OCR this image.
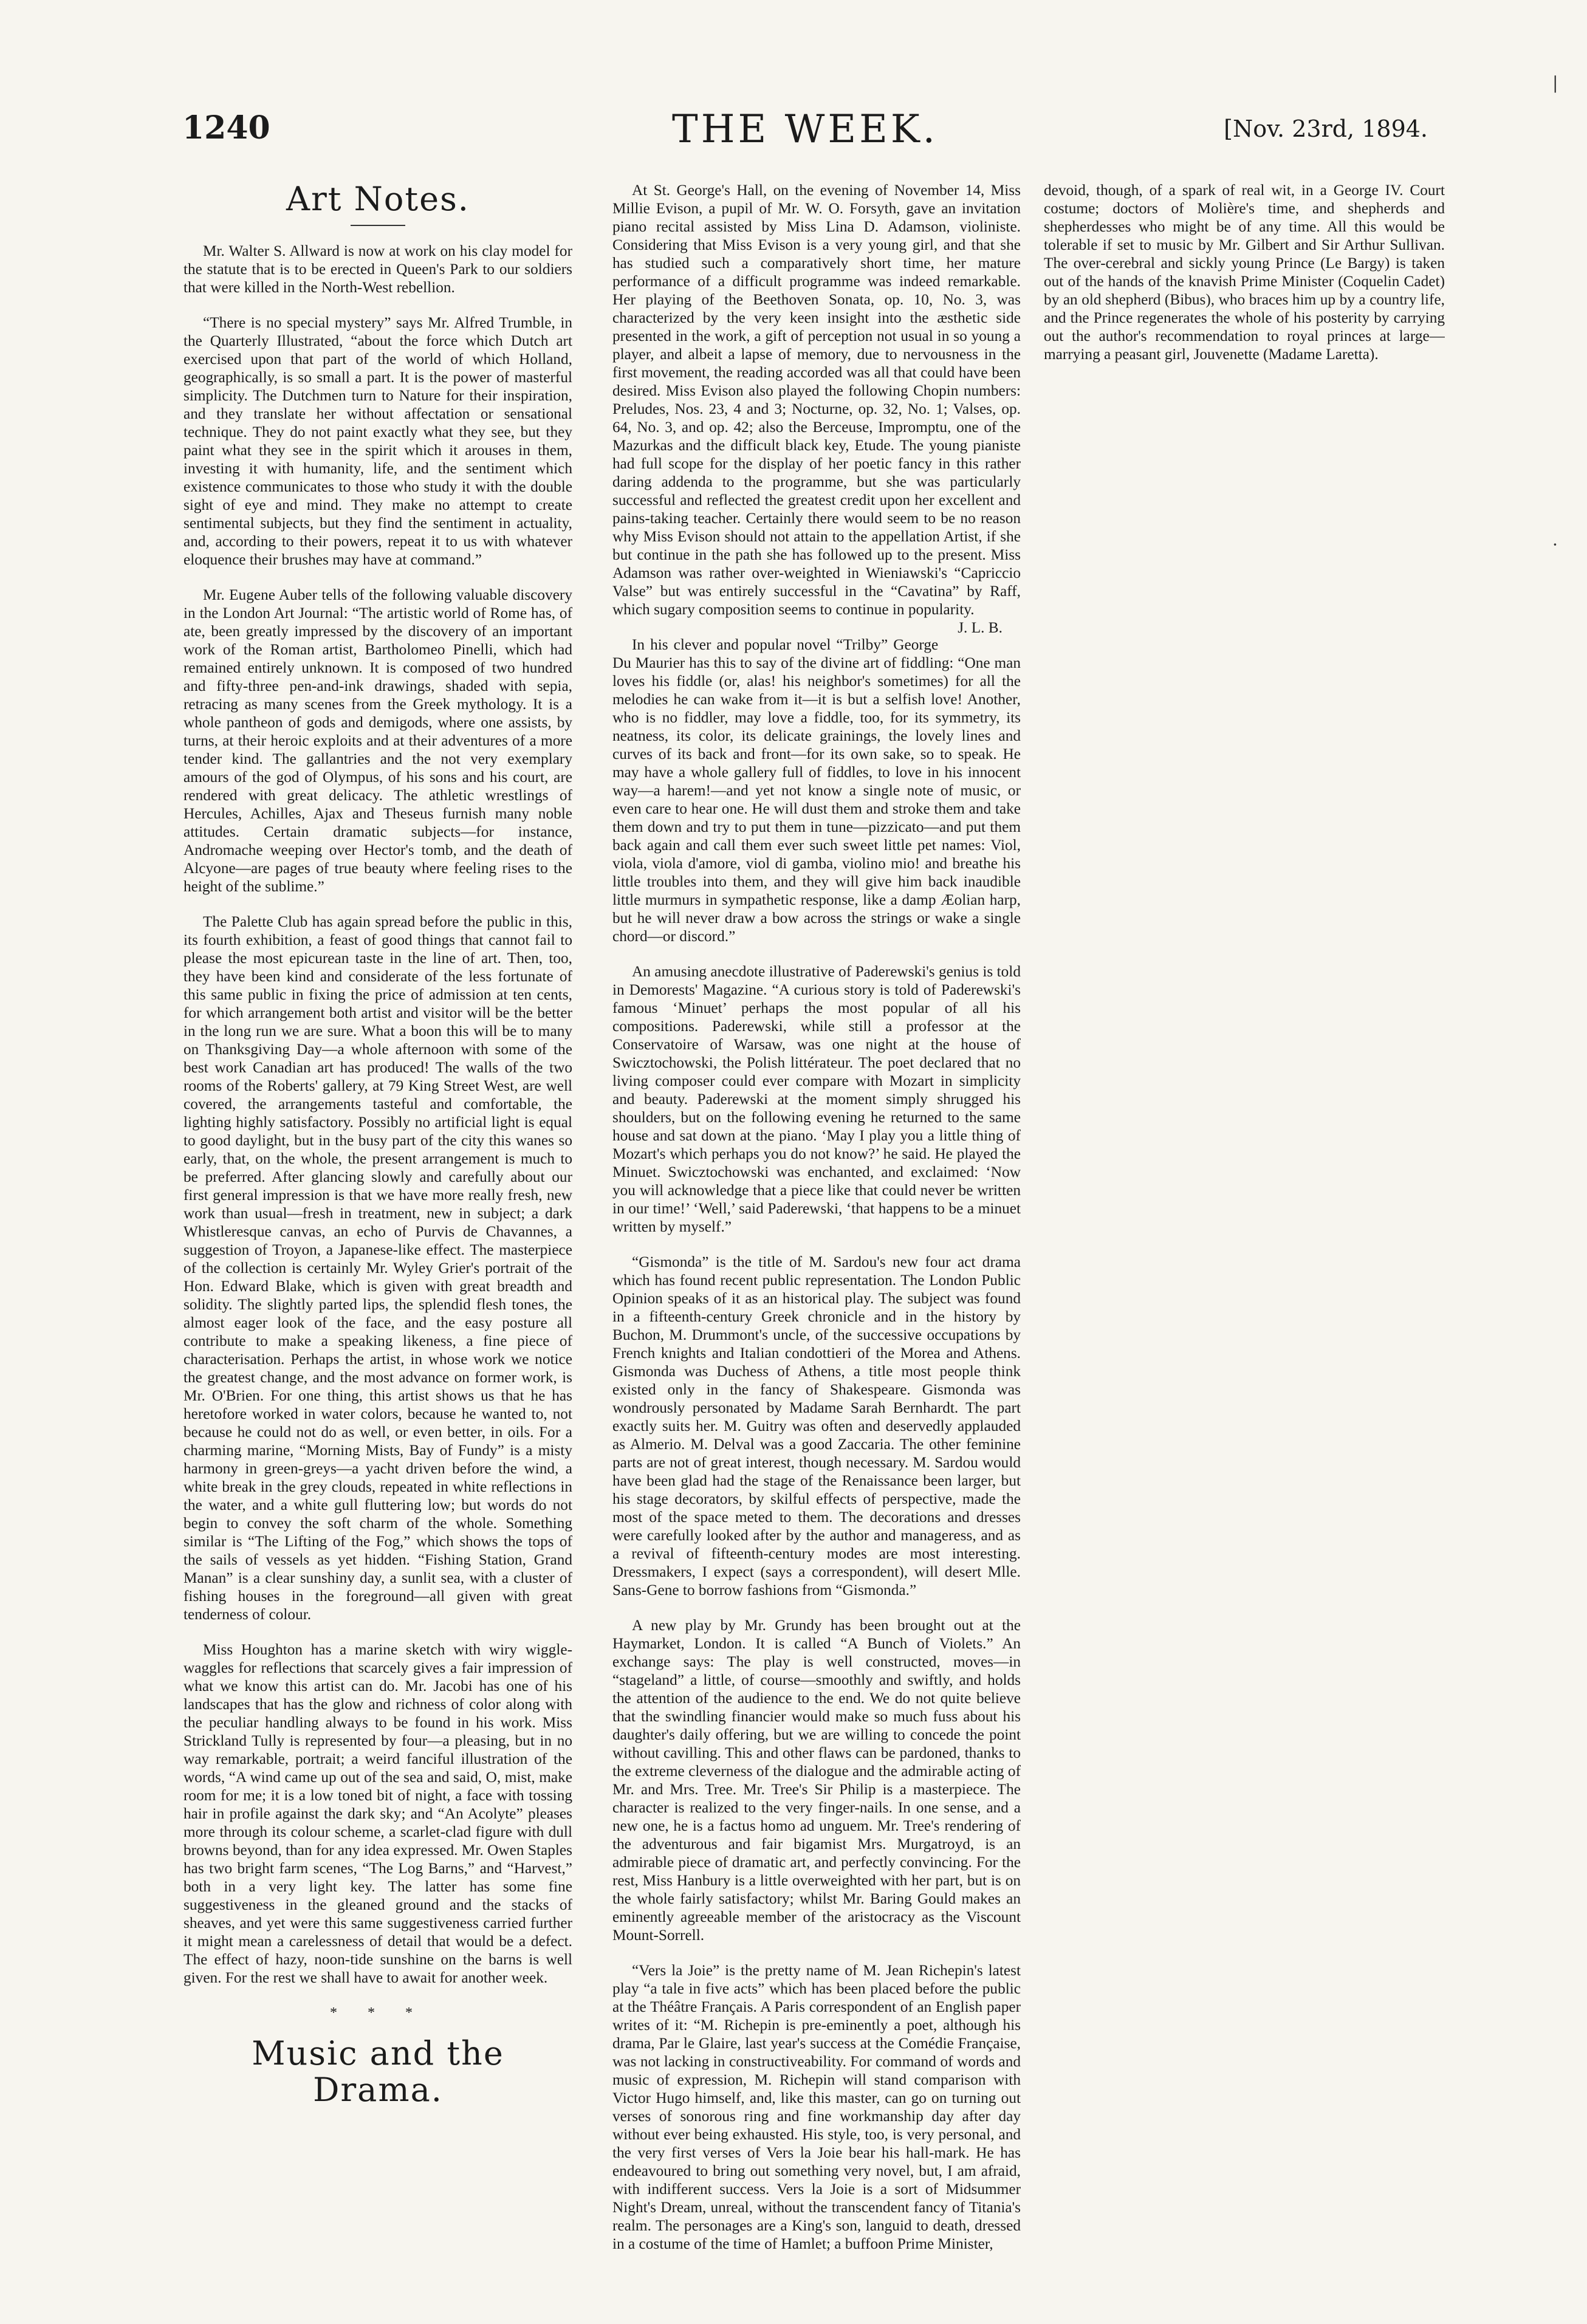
THE WEEK.
1240	[Nov. 23rd, 1894.
|
·
Art Notes.

Mr. Walter S. Allward is now at work on his clay model for the statute that is to be erected in Queen's Park to our soldiers that were killed in the North-West rebellion.

“There is no special mystery” says Mr. Alfred Trumble, in the Quarterly Illustrated, “about the force which Dutch art exercised upon that part of the world of which Holland, geographically, is so small a part. It is the power of masterful simplicity. The Dutchmen turn to Nature for their inspiration, and they translate her without affectation or sensational technique. They do not paint exactly what they see, but they paint what they see in the spirit which it arouses in them, investing it with humanity, life, and the sentiment which existence communicates to those who study it with the double sight of eye and mind. They make no attempt to create sentimental subjects, but they find the sentiment in actuality, and, according to their powers, repeat it to us with whatever eloquence their brushes may have at command.”

Mr. Eugene Auber tells of the following valuable discovery in the London Art Journal: “The artistic world of Rome has, of ate, been greatly impressed by the discovery of an important work of the Roman artist, Bartholomeo Pinelli, which had remained entirely unknown. It is composed of two hundred and fifty-three pen-and-ink drawings, shaded with sepia, retracing as many scenes from the Greek mythology. It is a whole pantheon of gods and demigods, where one assists, by turns, at their heroic exploits and at their adventures of a more tender kind. The gallantries and the not very exemplary amours of the god of Olympus, of his sons and his court, are rendered with great delicacy. The athletic wrestlings of Hercules, Achilles, Ajax and Theseus furnish many noble attitudes. Certain dramatic subjects—for instance, Andromache weeping over Hector's tomb, and the death of Alcyone—are pages of true beauty where feeling rises to the height of the sublime.”

The Palette Club has again spread before the public in this, its fourth exhibition, a feast of good things that cannot fail to please the most epicurean taste in the line of art. Then, too, they have been kind and considerate of the less fortunate of this same public in fixing the price of admission at ten cents, for which arrangement both artist and visitor will be the better in the long run we are sure. What a boon this will be to many on Thanksgiving Day—a whole afternoon with some of the best work Canadian art has produced! The walls of the two rooms of the Roberts' gallery, at 79 King Street West, are well covered, the arrangements tasteful and comfortable, the lighting highly satisfactory. Possibly no artificial light is equal to good daylight, but in the busy part of the city this wanes so early, that, on the whole, the present arrangement is much to be preferred. After glancing slowly and carefully about our first general impression is that we have more really fresh, new work than usual—fresh in treatment, new in subject; a dark Whistleresque canvas, an echo of Purvis de Chavannes, a suggestion of Troyon, a Japanese-like effect. The masterpiece of the collection is certainly Mr. Wyley Grier's portrait of the Hon. Edward Blake, which is given with great breadth and solidity. The slightly parted lips, the splendid flesh tones, the almost eager look of the face, and the easy posture all contribute to make a speaking likeness, a fine piece of characterisation. Perhaps the artist, in whose work we notice the greatest change, and the most advance on former work, is Mr. O'Brien. For one thing, this artist shows us that he has heretofore worked in water colors, because he wanted to, not because he could not do as well, or even better, in oils. For a charming marine, “Morning Mists, Bay of Fundy” is a misty harmony in green-greys—a yacht driven before the wind, a white break in the grey clouds, repeated in white reflections in the water, and a white gull fluttering low; but words do not begin to convey the soft charm of the whole. Something similar is “The Lifting of the Fog,” which shows the tops of the sails of vessels as yet hidden. “Fishing Station, Grand Manan” is a clear sunshiny day, a sunlit sea, with a cluster of fishing houses in the foreground—all given with great tenderness of colour.

Miss Houghton has a marine sketch with wiry wiggle-waggles for reflections that scarcely gives a fair impression of what we know this artist can do. Mr. Jacobi has one of his landscapes that has the glow and richness of color along with the peculiar handling always to be found in his work. Miss Strickland Tully is represented by four—a pleasing, but in no way remarkable, portrait; a weird fanciful illustration of the words, “A wind came up out of the sea and said, O, mist, make room for me; it is a low toned bit of night, a face with tossing hair in profile against the dark sky; and “An Acolyte” pleases more through its colour scheme, a scarlet-clad figure with dull browns beyond, than for any idea expressed. Mr. Owen Staples has two bright farm scenes, “The Log Barns,” and “Harvest,” both in a very light key. The latter has some fine suggestiveness in the gleaned ground and the stacks of sheaves, and yet were this same suggestiveness carried further it might mean a carelessness of detail that would be a defect. The effect of hazy, noon-tide sunshine on the barns is well given. For the rest we shall have to await for another week.

* * *
Music and the Drama.

At St. George's Hall, on the evening of November 14, Miss Millie Evison, a pupil of Mr. W. O. Forsyth, gave an invitation piano recital assisted by Miss Lina D. Adamson, violiniste. Considering that Miss Evison is a very young girl, and that she has studied such a comparatively short time, her mature performance of a difficult programme was indeed remarkable. Her playing of the Beethoven Sonata, op. 10, No. 3, was characterized by the very keen insight into the æsthetic side presented in the work, a gift of perception not usual in so young a player, and albeit a lapse of memory, due to nervousness in the first movement, the reading accorded was all that could have been desired. Miss Evison also played the following Chopin numbers: Preludes, Nos. 23, 4 and 3; Nocturne, op. 32, No. 1; Valses, op. 64, No. 3, and op. 42; also the Berceuse, Impromptu, one of the Mazurkas and the difficult black key, Etude. The young pianiste had full scope for the display of her poetic fancy in this rather daring addenda to the programme, but she was particularly successful and reflected the greatest credit upon her excellent and pains-taking teacher. Certainly there would seem to be no reason why Miss Evison should not attain to the appellation Artist, if she but continue in the path she has followed up to the present. Miss Adamson was rather over-weighted in Wieniawski's “Capriccio Valse” but was entirely successful in the “Cavatina” by Raff, which sugary composition seems to continue in popularity.
J. L. B.

In his clever and popular novel “Trilby” George Du Maurier has this to say of the divine art of fiddling: “One man loves his fiddle (or, alas! his neighbor's sometimes) for all the melodies he can wake from it—it is but a selfish love! Another, who is no fiddler, may love a fiddle, too, for its symmetry, its neatness, its color, its delicate grainings, the lovely lines and curves of its back and front—for its own sake, so to speak. He may have a whole gallery full of fiddles, to love in his innocent way—a harem!—and yet not know a single note of music, or even care to hear one. He will dust them and stroke them and take them down and try to put them in tune—pizzicato—and put them back again and call them ever such sweet little pet names: Viol, viola, viola d'amore, viol di gamba, violino mio! and breathe his little troubles into them, and they will give him back inaudible little murmurs in sympathetic response, like a damp Æolian harp, but he will never draw a bow across the strings or wake a single chord—or discord.”

An amusing anecdote illustrative of Paderewski's genius is told in Demorests' Magazine. “A curious story is told of Paderewski's famous ‘Minuet’ perhaps the most popular of all his compositions. Paderewski, while still a professor at the Conservatoire of Warsaw, was one night at the house of Swicztochowski, the Polish littérateur. The poet declared that no living composer could ever compare with Mozart in simplicity and beauty. Paderewski at the moment simply shrugged his shoulders, but on the following evening he returned to the same house and sat down at the piano. ‘May I play you a little thing of Mozart's which perhaps you do not know?’ he said. He played the Minuet. Swicztochowski was enchanted, and exclaimed: ‘Now you will acknowledge that a piece like that could never be written in our time!’ ‘Well,’ said Paderewski, ‘that happens to be a minuet written by myself.”

“Gismonda” is the title of M. Sardou's new four act drama which has found recent public representation. The London Public Opinion speaks of it as an historical play. The subject was found in a fifteenth-century Greek chronicle and in the history by Buchon, M. Drummont's uncle, of the successive occupations by French knights and Italian condottieri of the Morea and Athens. Gismonda was Duchess of Athens, a title most people think existed only in the fancy of Shakespeare. Gismonda was wondrously personated by Madame Sarah Bernhardt. The part exactly suits her. M. Guitry was often and deservedly applauded as Almerio. M. Delval was a good Zaccaria. The other feminine parts are not of great interest, though necessary. M. Sardou would have been glad had the stage of the Renaissance been larger, but his stage decorators, by skilful effects of perspective, made the most of the space meted to them. The decorations and dresses were carefully looked after by the author and manageress, and as a revival of fifteenth-century modes are most interesting. Dressmakers, I expect (says a correspondent), will desert Mlle. Sans-Gene to borrow fashions from “Gismonda.”

A new play by Mr. Grundy has been brought out at the Haymarket, London. It is called “A Bunch of Violets.” An exchange says: The play is well constructed, moves—in “stageland” a little, of course—smoothly and swiftly, and holds the attention of the audience to the end. We do not quite believe that the swindling financier would make so much fuss about his daughter's daily offering, but we are willing to concede the point without cavilling. This and other flaws can be pardoned, thanks to the extreme cleverness of the dialogue and the admirable acting of Mr. and Mrs. Tree. Mr. Tree's Sir Philip is a masterpiece. The character is realized to the very finger-nails. In one sense, and a new one, he is a factus homo ad unguem. Mr. Tree's rendering of the adventurous and fair bigamist Mrs. Murgatroyd, is an admirable piece of dramatic art, and perfectly convincing. For the rest, Miss Hanbury is a little overweighted with her part, but is on the whole fairly satisfactory; whilst Mr. Baring Gould makes an eminently agreeable member of the aristocracy as the Viscount Mount-Sorrell.

“Vers la Joie” is the pretty name of M. Jean Richepin's latest play “a tale in five acts” which has been placed before the public at the Théâtre Français. A Paris correspondent of an English paper writes of it: “M. Richepin is pre-eminently a poet, although his drama, Par le Glaire, last year's success at the Comédie Française, was not lacking in constructiveability. For command of words and music of expression, M. Richepin will stand comparison with Victor Hugo himself, and, like this master, can go on turning out verses of sonorous ring and fine workmanship day after day without ever being exhausted. His style, too, is very personal, and the very first verses of Vers la Joie bear his hall-mark. He has endeavoured to bring out something very novel, but, I am afraid, with indifferent success. Vers la Joie is a sort of Midsummer Night's Dream, unreal, without the transcendent fancy of Titania's realm. The personages are a King's son, languid to death, dressed in a costume of the time of Hamlet; a buffoon Prime Minister,

devoid, though, of a spark of real wit, in a George IV. Court costume; doctors of Molière's time, and shepherds and shepherdesses who might be of any time. All this would be tolerable if set to music by Mr. Gilbert and Sir Arthur Sullivan. The over-cerebral and sickly young Prince (Le Bargy) is taken out of the hands of the knavish Prime Minister (Coquelin Cadet) by an old shepherd (Bibus), who braces him up by a country life, and the Prince regenerates the whole of his posterity by carrying out the author's recommendation to royal princes at large—marrying a peasant girl, Jouvenette (Madame Laretta).
